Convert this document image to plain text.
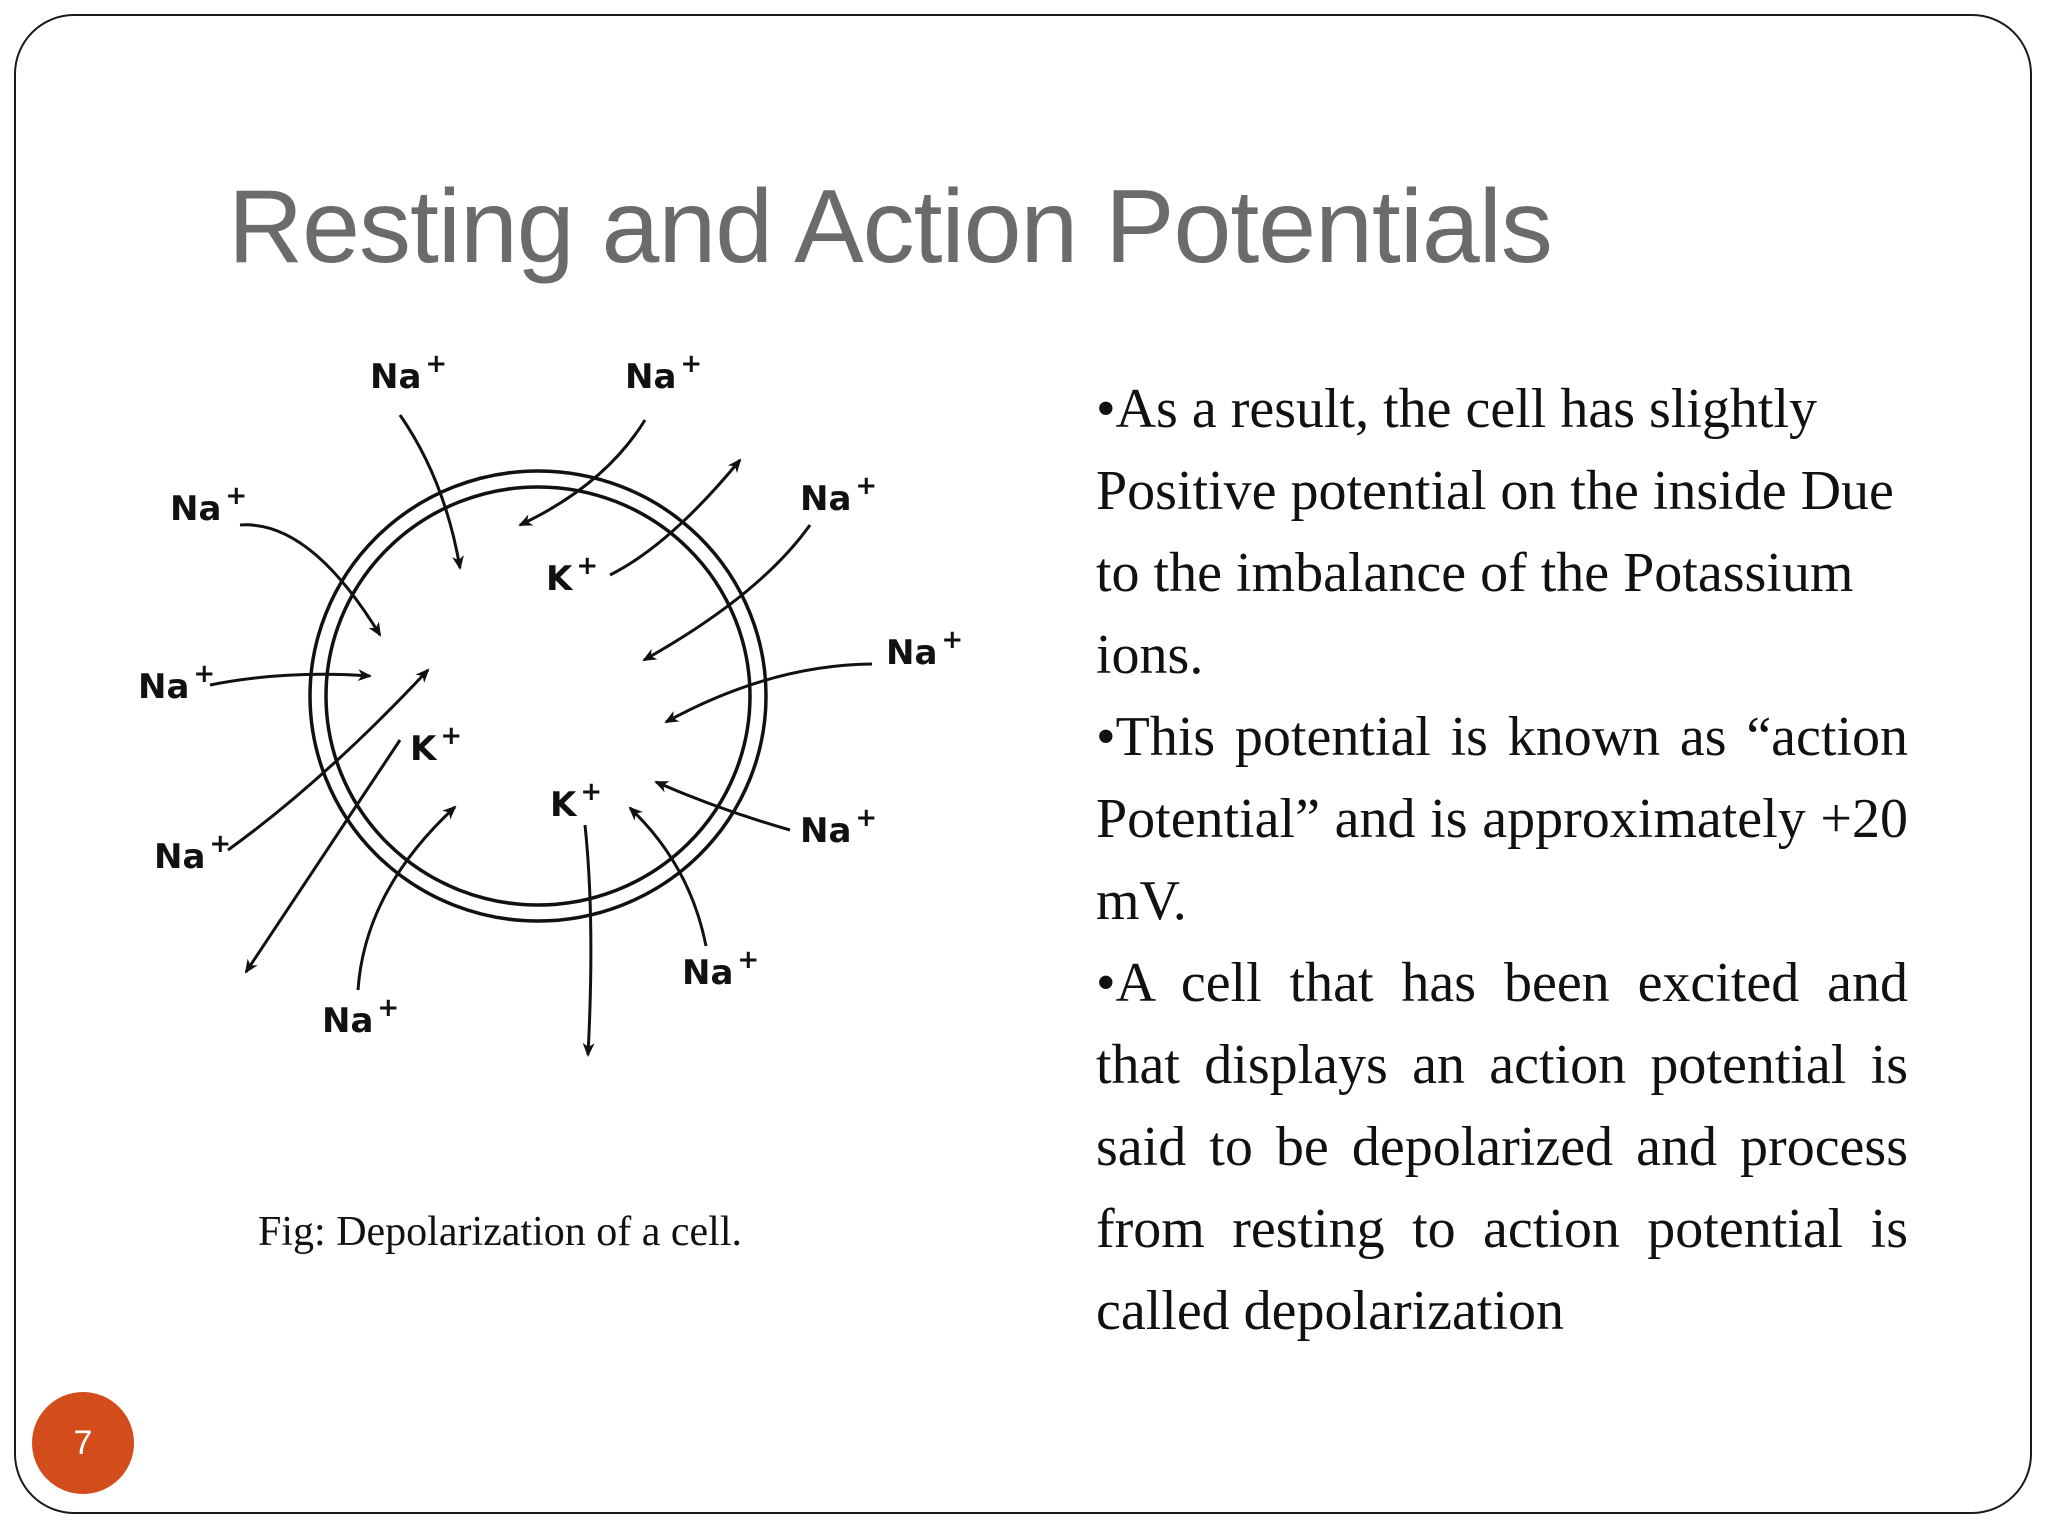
Resting and Action Potentials
Na +	Na +
Na +	Na +
Na +
Na +
Na +	Na +
Na +
Na +
K +
K +
K +
Fig: Depolarization of a cell.

•As a result, the cell has slightly Positive potential on the inside Due to the imbalance of the Potassium ions.

•This potential is known as “action Potential” and is approximately +20 mV.

•A cell that has been excited and that displays an action potential is said to be depolarized and process from resting to action potential is called depolarization

7
